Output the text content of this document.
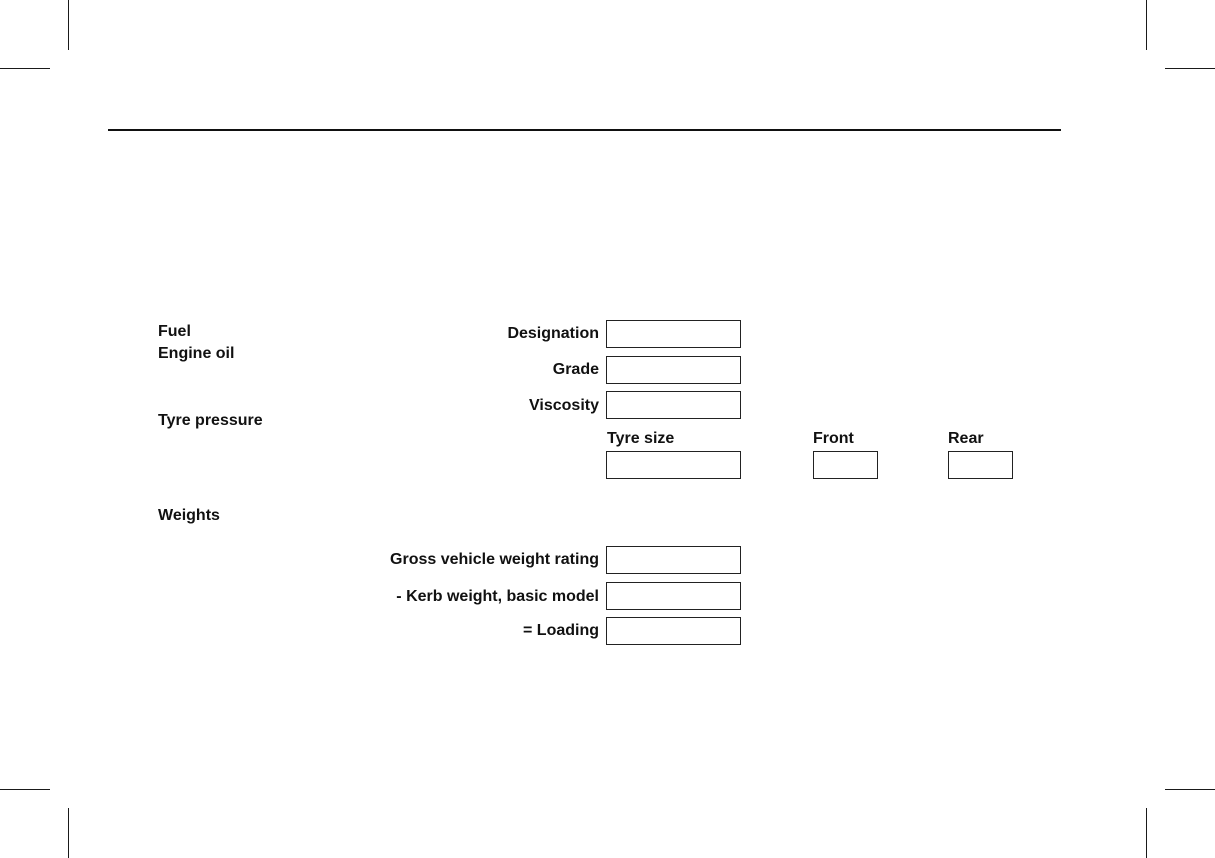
Fuel
Engine oil
Tyre pressure
Weights
Designation
Grade
Viscosity
Tyre size	Front	Rear
Gross vehicle weight rating
- Kerb weight, basic model
= Loading
